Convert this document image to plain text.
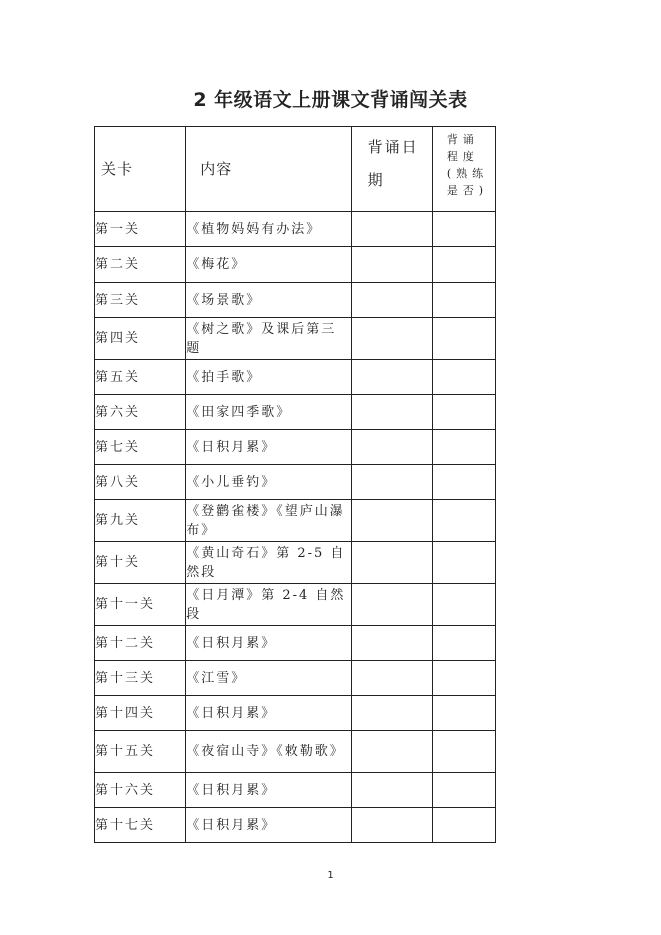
2 年级语文上册课文背诵闯关表
关卡	内容	背诵日期	背诵程度(熟练是否)
第一关	《植物妈妈有办法》		
第二关	《梅花》		
第三关	《场景歌》		
第四关	《树之歌》及课后第三题		
第五关	《拍手歌》		
第六关	《田家四季歌》		
第七关	《日积月累》		
第八关	《小儿垂钓》		
第九关	《登鹳雀楼》《望庐山瀑布》		
第十关	《黄山奇石》第 2-5 自然段		
第十一关	《日月潭》第 2-4 自然段		
第十二关	《日积月累》		
第十三关	《江雪》		
第十四关	《日积月累》		
第十五关	《夜宿山寺》《敕勒歌》		
第十六关	《日积月累》		
第十七关	《日积月累》		
1
